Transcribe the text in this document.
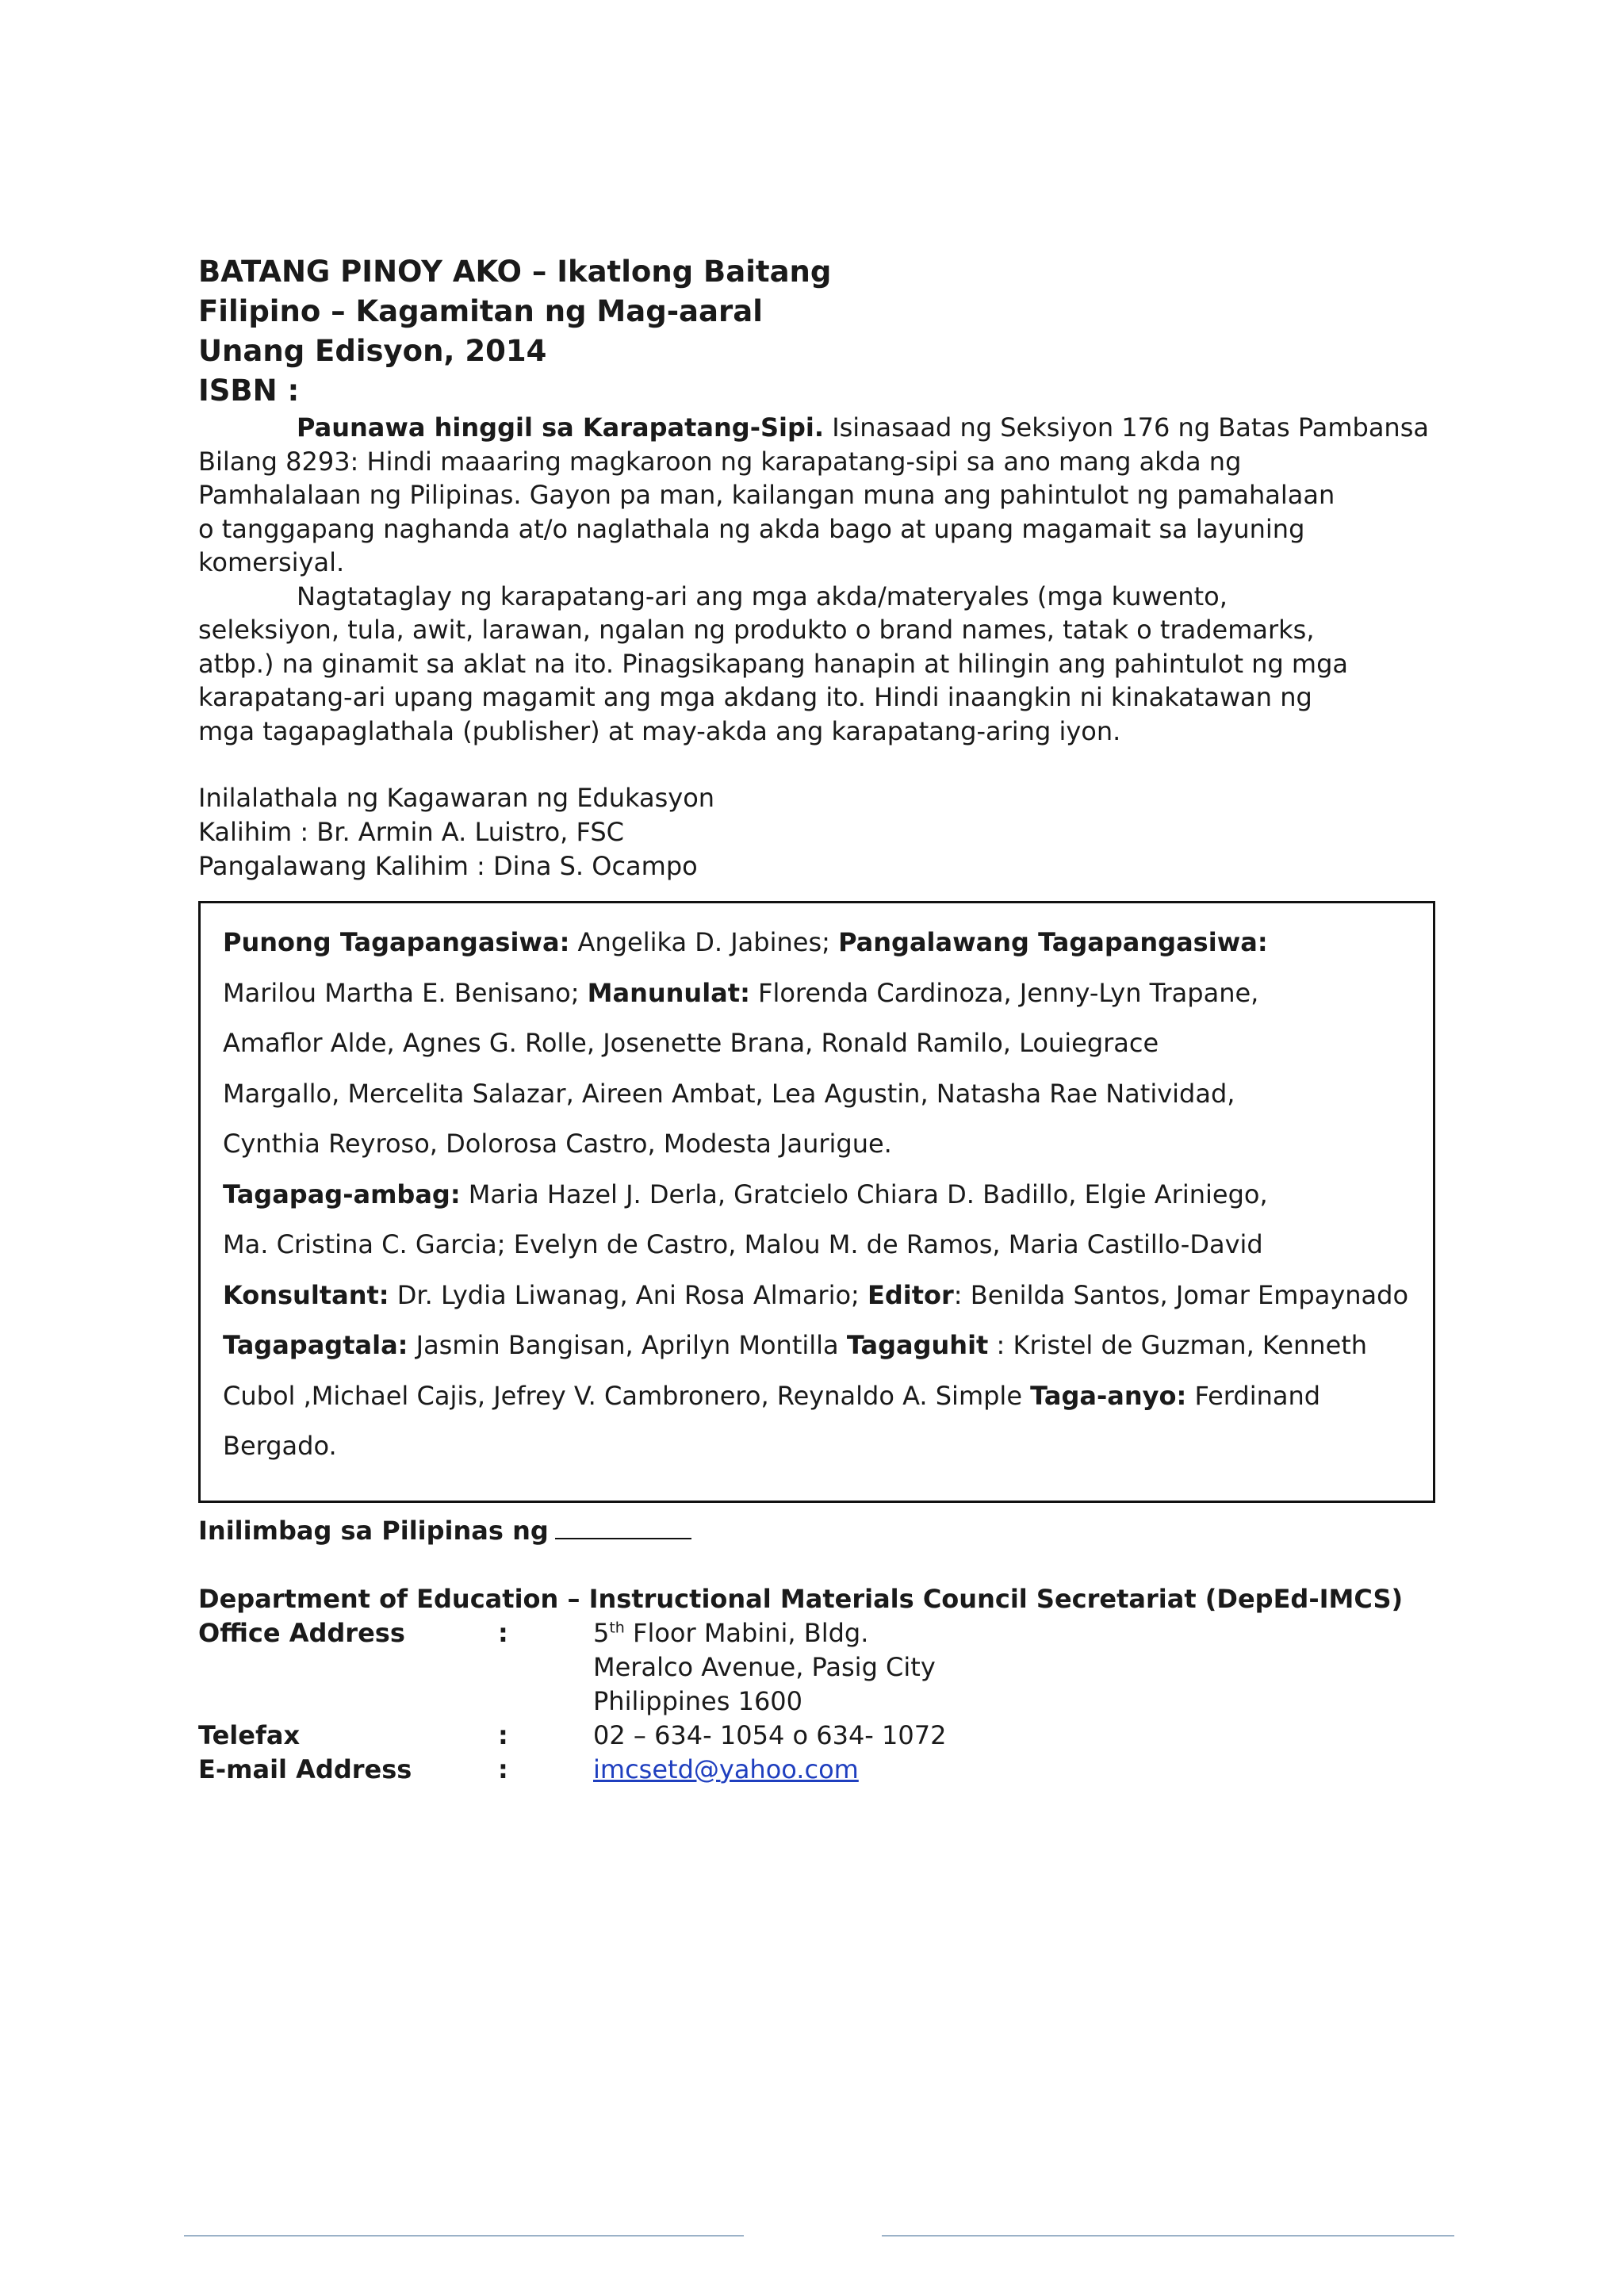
BATANG PINOY AKO – Ikatlong Baitang

Filipino – Kagamitan ng Mag-aaral

Unang Edisyon, 2014

ISBN :

Paunawa hinggil sa Karapatang-Sipi. Isinasaad ng Seksiyon 176 ng Batas Pambansa
Bilang 8293: Hindi maaaring magkaroon ng karapatang-sipi sa ano mang akda ng
Pamhalalaan ng Pilipinas. Gayon pa man, kailangan muna ang pahintulot ng pamahalaan
o tanggapang naghanda at/o naglathala ng akda bago at upang magamait sa layuning
komersiyal.

Nagtataglay ng karapatang-ari ang mga akda/materyales (mga kuwento,
seleksiyon, tula, awit, larawan, ngalan ng produkto o brand names, tatak o trademarks,
atbp.) na ginamit sa aklat na ito. Pinagsikapang hanapin at hilingin ang pahintulot ng mga
karapatang-ari upang magamit ang mga akdang ito. Hindi inaangkin ni kinakatawan ng
mga tagapaglathala (publisher) at may-akda ang karapatang-aring iyon.

Inilalathala ng Kagawaran ng Edukasyon
Kalihim : Br. Armin A. Luistro, FSC
Pangalawang Kalihim : Dina S. Ocampo
Punong Tagapangasiwa: Angelika D. Jabines; Pangalawang Tagapangasiwa:
Marilou Martha E. Benisano; Manunulat: Florenda Cardinoza, Jenny-Lyn Trapane,
Amaflor Alde, Agnes G. Rolle, Josenette Brana, Ronald Ramilo, Louiegrace
Margallo, Mercelita Salazar, Aireen Ambat, Lea Agustin, Natasha Rae Natividad,
Cynthia Reyroso, Dolorosa Castro, Modesta Jaurigue.
Tagapag-ambag: Maria Hazel J. Derla, Gratcielo Chiara D. Badillo, Elgie Ariniego,
Ma. Cristina C. Garcia; Evelyn de Castro, Malou M. de Ramos, Maria Castillo-David
Konsultant: Dr. Lydia Liwanag, Ani Rosa Almario; Editor: Benilda Santos, Jomar Empaynado
Tagapagtala: Jasmin Bangisan, Aprilyn Montilla Tagaguhit : Kristel de Guzman, Kenneth
Cubol ,Michael Cajis, Jefrey V. Cambronero, Reynaldo A. Simple Taga-anyo: Ferdinand
Bergado.
Inilimbag sa Pilipinas ng
Department of Education – Instructional Materials Council Secretariat (DepEd-IMCS)
Office Address	:	5th Floor Mabini, Bldg.
Meralco Avenue, Pasig City
Philippines 1600
Telefax	:	02 – 634- 1054 o 634- 1072
E-mail Address	:	imcsetd@yahoo.com
